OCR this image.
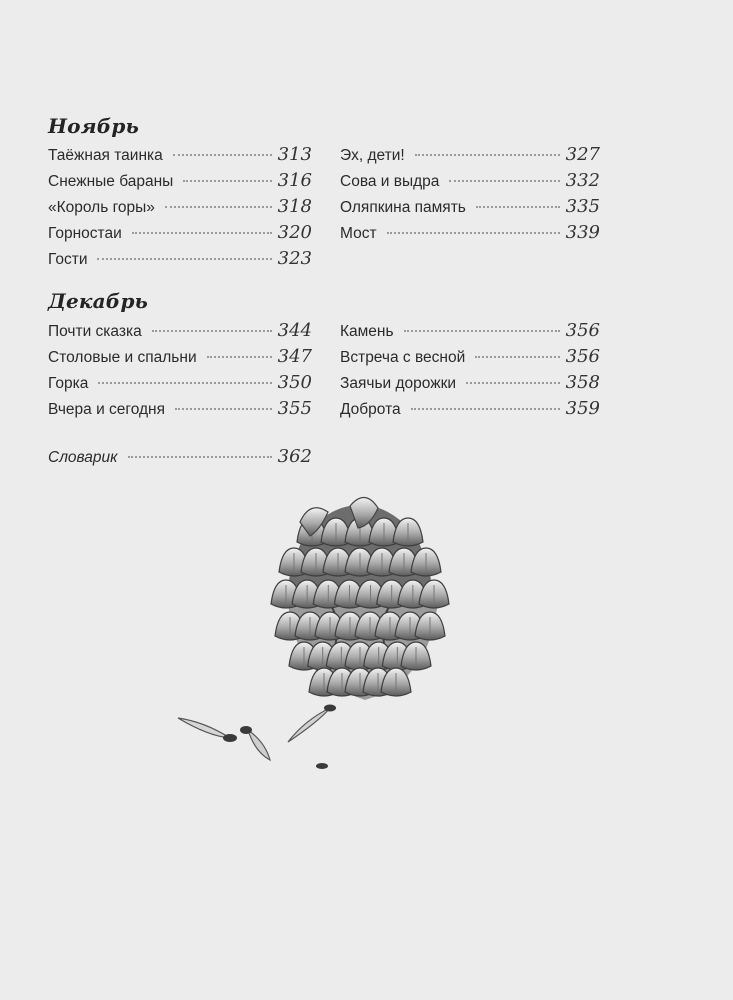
Ноябрь
Таёжная таинка	313
Снежные бараны	316
«Король горы»	318
Горностаи	320
Гости	323
Эх, дети!	327
Сова и выдра	332
Оляпкина память	335
Мост	339
Декабрь
Почти сказка	344
Столовые и спальни	347
Горка	350
Вчера и сегодня	355
Камень	356
Встреча с весной	356
Заячьи дорожки	358
Доброта	359
Словарик	362
